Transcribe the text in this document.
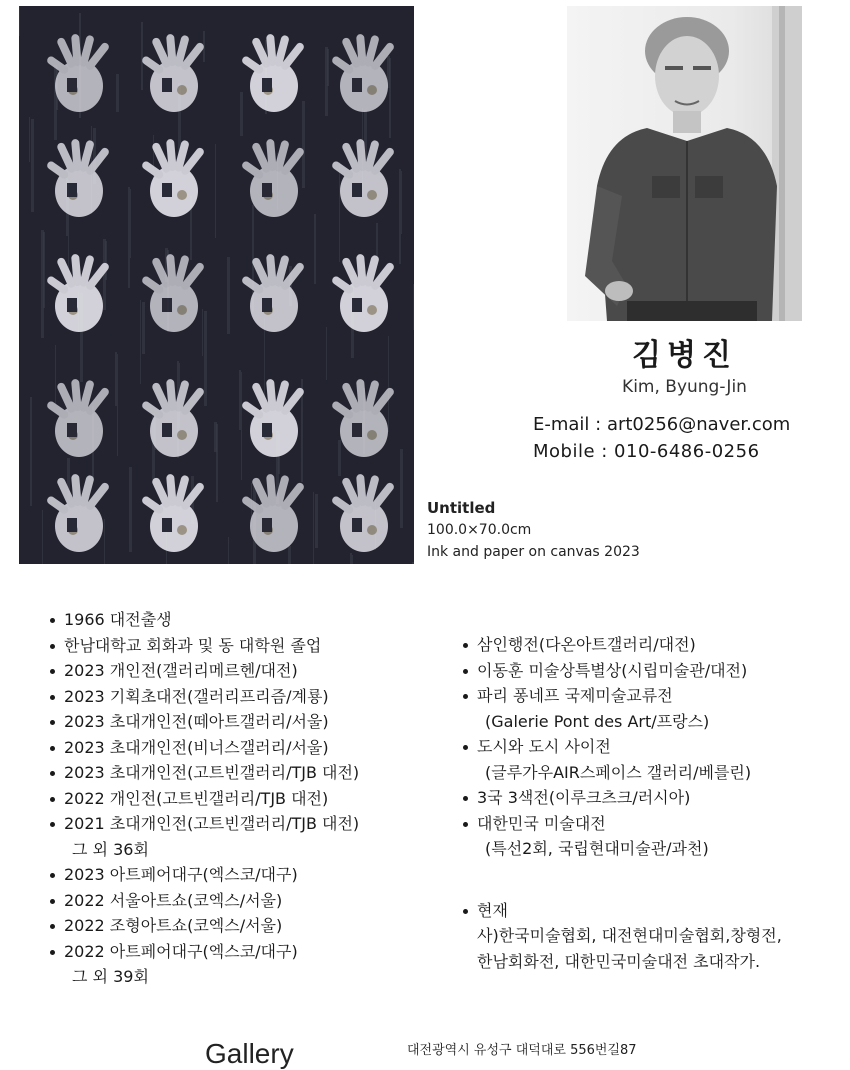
김병진
Kim, Byung-Jin
E-mail : art0256@naver.com
Mobile : 010-6486-0256
Untitled
100.0×70.0cm
Ink and paper on canvas 2023
1966 대전출생
한남대학교 회화과 및 동 대학원 졸업
2023 개인전(갤러리메르헨/대전)
2023 기획초대전(갤러리프리즘/계룡)
2023 초대개인전(떼아트갤러리/서울)
2023 초대개인전(비너스갤러리/서울)
2023 초대개인전(고트빈갤러리/TJB 대전)
2022 개인전(고트빈갤러리/TJB 대전)
2021 초대개인전(고트빈갤러리/TJB 대전)
그 외 36회
2023 아트페어대구(엑스코/대구)
2022 서울아트쇼(코엑스/서울)
2022 조형아트쇼(코엑스/서울)
2022 아트페어대구(엑스코/대구)
그 외 39회
삼인행전(다온아트갤러리/대전)
이동훈 미술상특별상(시립미술관/대전)
파리 퐁네프 국제미술교류전
(Galerie Pont des Art/프랑스)
도시와 도시 사이전
(글루가우AIR스페이스 갤러리/베를린)
3국 3색전(이루크츠크/러시아)
대한민국 미술대전
(특선2회, 국립현대미술관/과천)
현재
사)한국미술협회, 대전현대미술협회,창형전,
한남회화전, 대한민국미술대전 초대작가.
Gallery	대전광역시 유성구 대덕대로 556번길87
